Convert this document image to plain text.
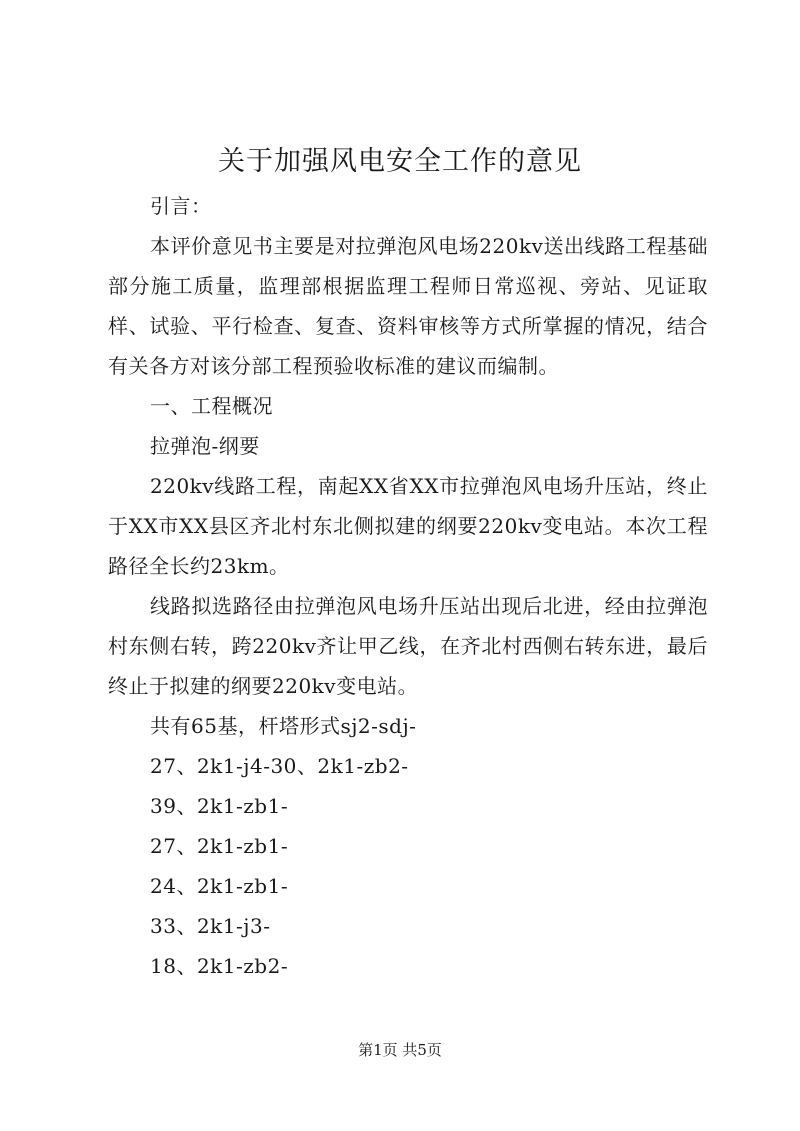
关于加强风电安全工作的意见

引言：

本评价意见书主要是对拉弹泡风电场220kv送出线路工程基础部分施工质量，监理部根据监理工程师日常巡视、旁站、见证取样、试验、平行检查、复查、资料审核等方式所掌握的情况，结合有关各方对该分部工程预验收标准的建议而编制。

一、工程概况

拉弹泡-纲要

220kv线路工程，南起XX省XX市拉弹泡风电场升压站，终止于XX市XX县区齐北村东北侧拟建的纲要220kv变电站。本次工程路径全长约23km。

线路拟选路径由拉弹泡风电场升压站出现后北进，经由拉弹泡村东侧右转，跨220kv齐让甲乙线，在齐北村西侧右转东进，最后终止于拟建的纲要220kv变电站。

共有65基，杆塔形式sj2-sdj-

27、2k1-j4-30、2k1-zb2-

39、2k1-zb1-

27、2k1-zb1-

24、2k1-zb1-

33、2k1-j3-

18、2k1-zb2-

第1页 共5页
